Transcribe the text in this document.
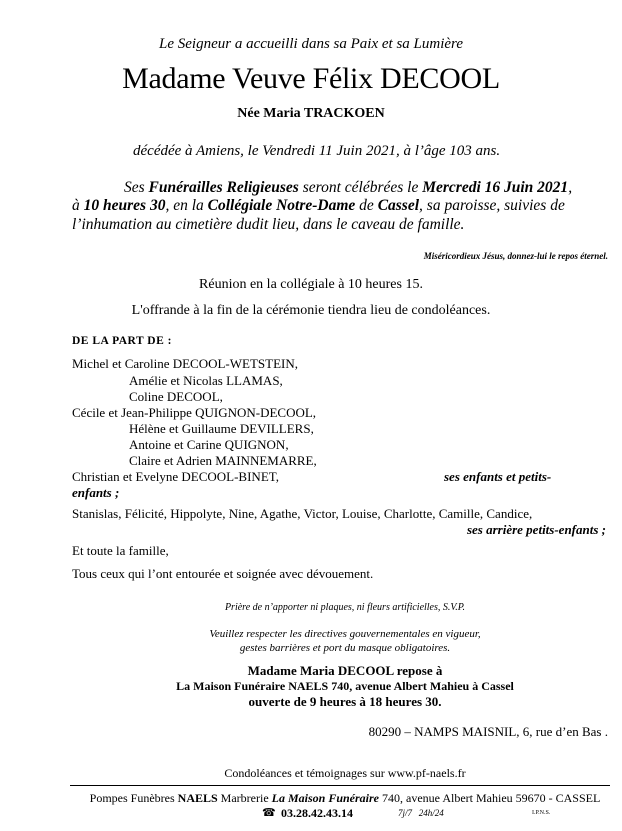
Le Seigneur a accueilli dans sa Paix et sa Lumière
Madame Veuve Félix DECOOL
Née Maria TRACKOEN
décédée à Amiens, le Vendredi 11 Juin 2021, à l’âge 103 ans.
Ses Funérailles Religieuses seront célébrées le Mercredi 16 Juin 2021,
à 10 heures 30, en la Collégiale Notre-Dame de Cassel, sa paroisse, suivies de
l’inhumation au cimetière dudit lieu, dans le caveau de famille.
Miséricordieux Jésus, donnez-lui le repos éternel.
Réunion en la collégiale à 10 heures 15.
L'offrande à la fin de la cérémonie tiendra lieu de condoléances.
DE LA PART DE :
Michel et Caroline DECOOL-WETSTEIN,
Amélie et Nicolas LLAMAS,
Coline DECOOL,
Cécile et Jean-Philippe QUIGNON-DECOOL,
Hélène et Guillaume DEVILLERS,
Antoine et Carine QUIGNON,
Claire et Adrien MAINNEMARRE,
Christian et Evelyne DECOOL-BINET,	ses enfants et petits-
enfants ;
Stanislas, Félicité, Hippolyte, Nine, Agathe, Victor, Louise, Charlotte, Camille, Candice,
ses arrière petits-enfants ;
Et toute la famille,
Tous ceux qui l’ont entourée et soignée avec dévouement.
Prière de n’apporter ni plaques, ni fleurs artificielles, S.V.P.
Veuillez respecter les directives gouvernementales en vigueur,
gestes barrières et port du masque obligatoires.
Madame Maria DECOOL repose à
La Maison Funéraire NAELS 740, avenue Albert Mahieu à Cassel
ouverte de 9 heures à 18 heures 30.
80290 – NAMPS MAISNIL, 6, rue d’en Bas .
Condoléances et témoignages sur www.pf-naels.fr
Pompes Funèbres NAELS Marbrerie La Maison Funéraire 740, avenue Albert Mahieu 59670 - CASSEL
☎ 03.28.42.43.14	7j/7   24h/24	I.P.N.S.
